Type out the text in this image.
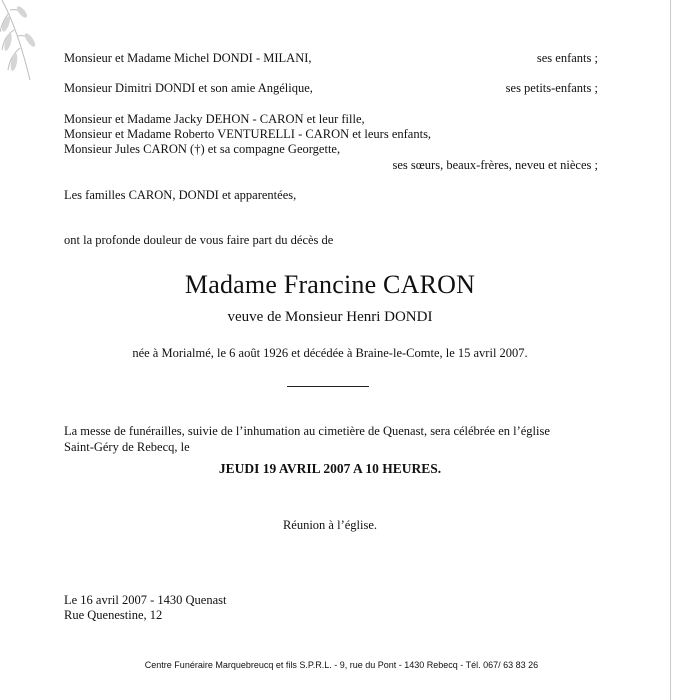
Monsieur et Madame Michel DONDI - MILANI,	ses enfants ;
Monsieur Dimitri DONDI et son amie Angélique,	ses petits-enfants ;
Monsieur et Madame Jacky DEHON - CARON et leur fille,
Monsieur et Madame Roberto VENTURELLI - CARON et leurs enfants,
Monsieur Jules CARON (†) et sa compagne Georgette,
ses sœurs, beaux-frères, neveu et nièces ;
Les familles CARON, DONDI et apparentées,
ont la profonde douleur de vous faire part du décès de
Madame Francine CARON
veuve de Monsieur Henri DONDI
née à Morialmé, le 6 août 1926 et décédée à Braine-le-Comte, le 15 avril 2007.
La messe de funérailles, suivie de l’inhumation au cimetière de Quenast, sera célébrée en l’église
Saint-Géry de Rebecq, le
JEUDI 19 AVRIL 2007 A 10 HEURES.
Réunion à l’église.
Le 16 avril 2007 - 1430 Quenast
Rue Quenestine, 12
Centre Funéraire Marquebreucq et fils S.P.R.L. - 9, rue du Pont - 1430 Rebecq - Tél. 067/ 63 83 26
